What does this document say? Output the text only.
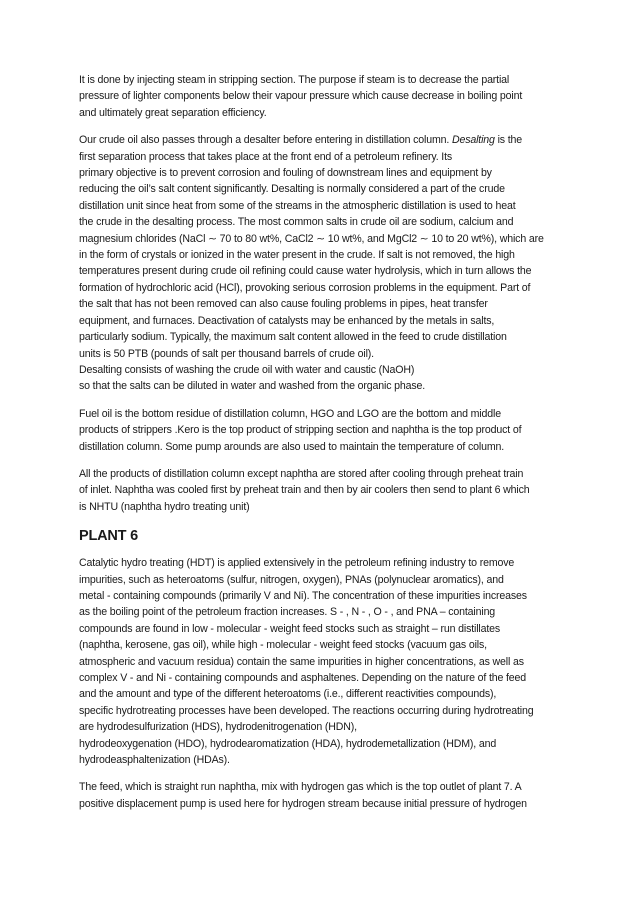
It is done by injecting steam in stripping section. The purpose if steam is to decrease the partial
pressure of lighter components below their vapour pressure which cause decrease in boiling point
and ultimately great separation efficiency.

Our crude oil also passes through a desalter before entering in distillation column. Desalting is the
first separation process that takes place at the front end of a petroleum refinery. Its
primary objective is to prevent corrosion and fouling of downstream lines and equipment by
reducing the oil’s salt content significantly. Desalting is normally considered a part of the crude
distillation unit since heat from some of the streams in the atmospheric distillation is used to heat
the crude in the desalting process. The most common salts in crude oil are sodium, calcium and
magnesium chlorides (NaCl ∼ 70 to 80 wt%, CaCl2 ∼ 10 wt%, and MgCl2 ∼ 10 to 20 wt%), which are
in the form of crystals or ionized in the water present in the crude. If salt is not removed, the high
temperatures present during crude oil refining could cause water hydrolysis, which in turn allows the
formation of hydrochloric acid (HCl), provoking serious corrosion problems in the equipment. Part of
the salt that has not been removed can also cause fouling problems in pipes, heat transfer
equipment, and furnaces. Deactivation of catalysts may be enhanced by the metals in salts,
particularly sodium. Typically, the maximum salt content allowed in the feed to crude distillation
units is 50 PTB (pounds of salt per thousand barrels of crude oil).
Desalting consists of washing the crude oil with water and caustic (NaOH)
so that the salts can be diluted in water and washed from the organic phase.

Fuel oil is the bottom residue of distillation column, HGO and LGO are the bottom and middle
products of strippers .Kero is the top product of stripping section and naphtha is the top product of
distillation column. Some pump arounds are also used to maintain the temperature of column.

All the products of distillation column except naphtha are stored after cooling through preheat train
of inlet. Naphtha was cooled first by preheat train and then by air coolers then send to plant 6 which
is NHTU (naphtha hydro treating unit)

PLANT 6

Catalytic hydro treating (HDT) is applied extensively in the petroleum refining industry to remove
impurities, such as heteroatoms (sulfur, nitrogen, oxygen), PNAs (polynuclear aromatics), and
metal - containing compounds (primarily V and Ni). The concentration of these impurities increases
as the boiling point of the petroleum fraction increases. S - , N - , O - , and PNA – containing
compounds are found in low - molecular - weight feed stocks such as straight – run distillates
(naphtha, kerosene, gas oil), while high - molecular - weight feed stocks (vacuum gas oils,
atmospheric and vacuum residua) contain the same impurities in higher concentrations, as well as
complex V - and Ni - containing compounds and asphaltenes. Depending on the nature of the feed
and the amount and type of the different heteroatoms (i.e., different reactivities compounds),
specific hydrotreating processes have been developed. The reactions occurring during hydrotreating
are hydrodesulfurization (HDS), hydrodenitrogenation (HDN),
hydrodeoxygenation (HDO), hydrodearomatization (HDA), hydrodemetallization (HDM), and
hydrodeasphaltenization (HDAs).

The feed, which is straight run naphtha, mix with hydrogen gas which is the top outlet of plant 7. A
positive displacement pump is used here for hydrogen stream because initial pressure of hydrogen
